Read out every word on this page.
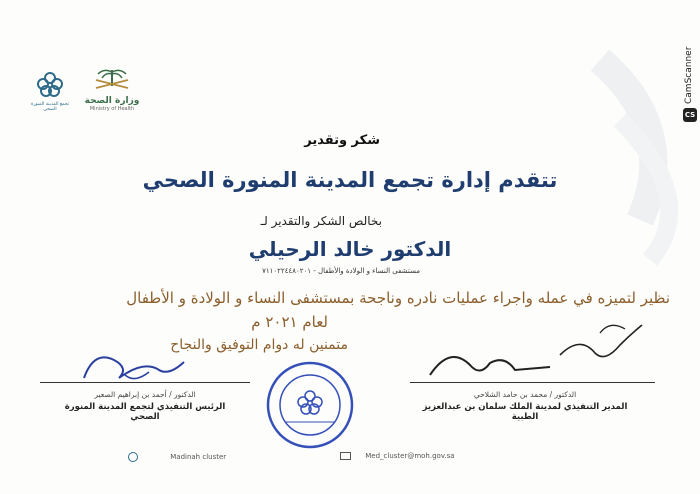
وزارة الصحة
Ministry of Health
تجمع المدينة المنورة الصحي
شكر وتقدير
تتقدم إدارة تجمع المدينة المنورة الصحي
بخالص الشكر والتقدير لـ
الدكتور خالد الرحيلي
مستشفى النساء و الولادة والأطفال - ٧١١٠٢٢٤٤٨٠٢٠١
نظير لتميزه في عمله واجراء عمليات نادره وناجحة بمستشفى النساء و الولادة و الأطفال
لعام ٢٠٢١ م
متمنين له دوام التوفيق والنجاح
الدكتور / أحمد بن إبراهيم الصعير
الرئيس التنفيذي لتجمع المدينة المنورة الصحي
الدكتور / محمد بن حامد الشلاحي
المدير التنفيذي لمدينة الملك سلمان بن عبدالعزيز الطبية
Madinah cluster	Med_cluster@moh.gov.sa
CamScanner
CS
